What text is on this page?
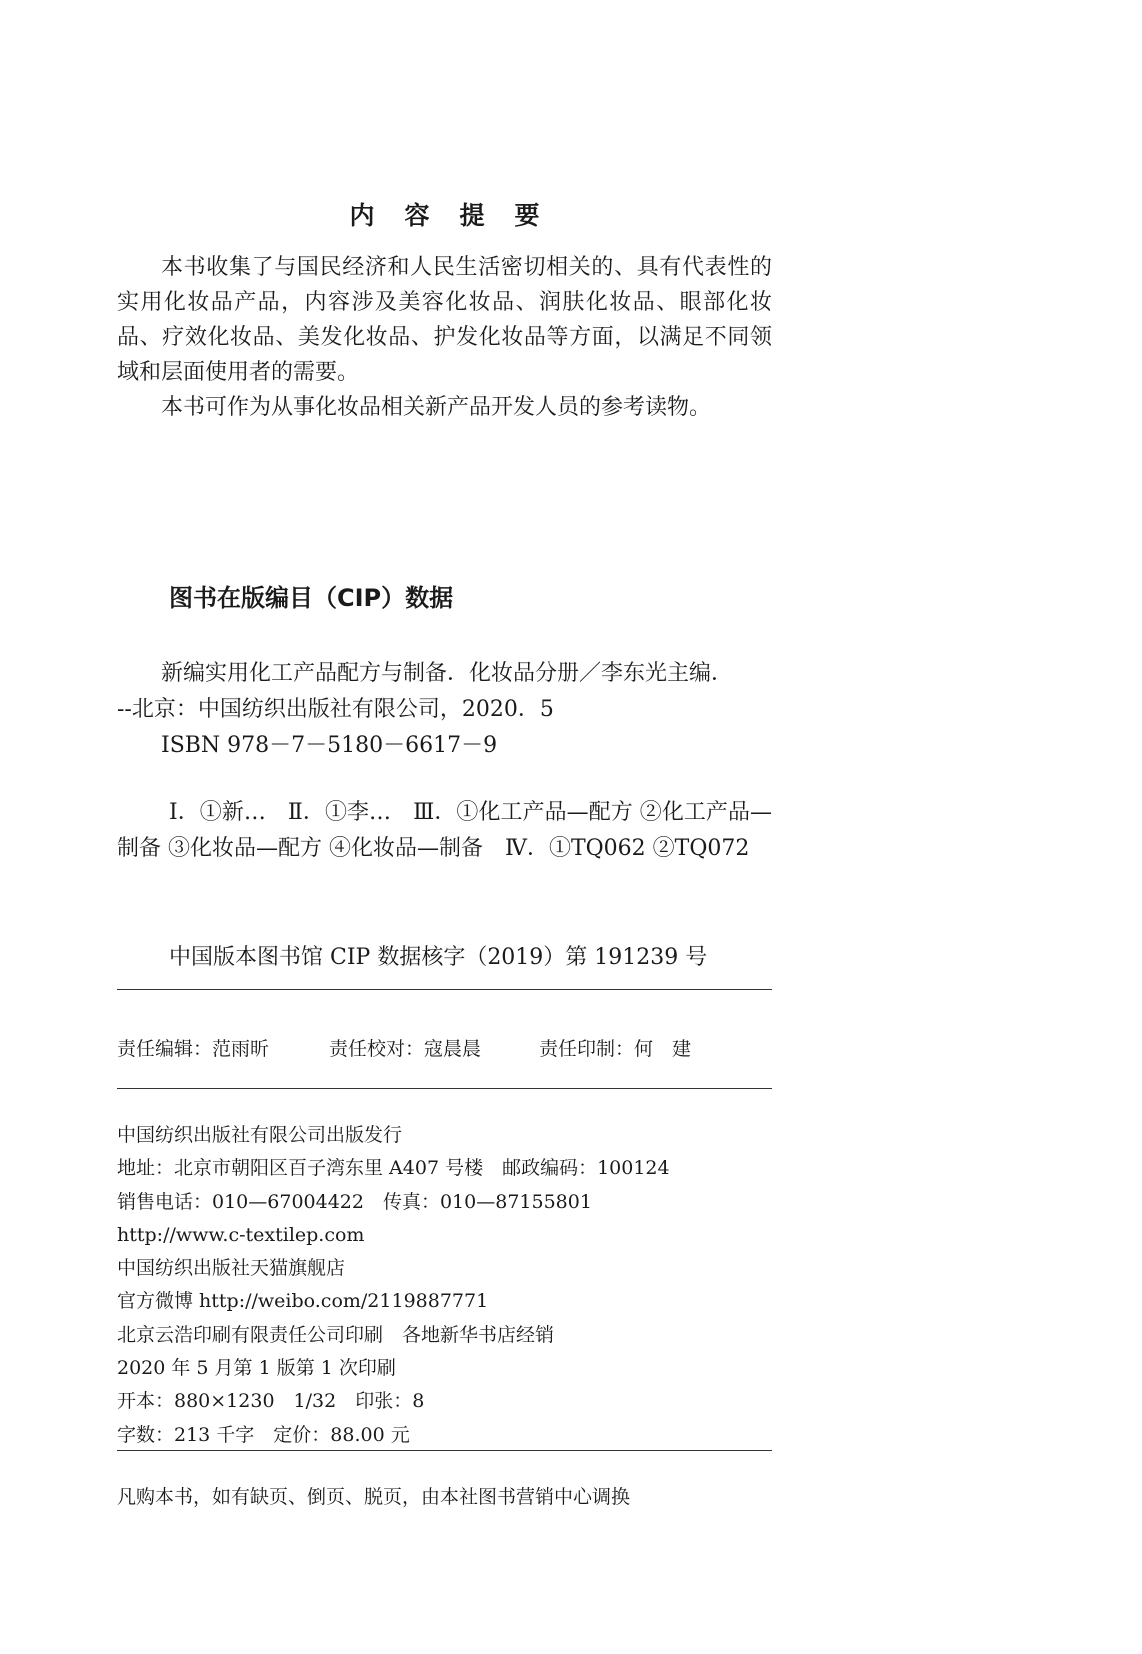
内容提要

本书收集了与国民经济和人民生活密切相关的、具有代表性的实用化妆品产品，内容涉及美容化妆品、润肤化妆品、眼部化妆品、疗效化妆品、美发化妆品、护发化妆品等方面，以满足不同领域和层面使用者的需要。

本书可作为从事化妆品相关新产品开发人员的参考读物。

图书在版编目（CIP）数据
新编实用化工产品配方与制备．化妆品分册／李东光主编．
--北京：中国纺织出版社有限公司，2020．5
ISBN 978－7－5180－6617－9

Ⅰ．①新…　Ⅱ．①李…　Ⅲ．①化工产品—配方 ②化工产品—制备 ③化妆品—配方 ④化妆品—制备　Ⅳ．①TQ062 ②TQ072

中国版本图书馆 CIP 数据核字（2019）第 191239 号
责任编辑：范雨昕	责任校对：寇晨晨	责任印制：何　建
中国纺织出版社有限公司出版发行
地址：北京市朝阳区百子湾东里 A407 号楼　邮政编码：100124
销售电话：010—67004422　传真：010—87155801
http://www.c-textilep.com
中国纺织出版社天猫旗舰店
官方微博 http://weibo.com/2119887771
北京云浩印刷有限责任公司印刷　各地新华书店经销
2020 年 5 月第 1 版第 1 次印刷
开本：880×1230　1/32　印张：8
字数：213 千字　定价：88.00 元
凡购本书，如有缺页、倒页、脱页，由本社图书营销中心调换
